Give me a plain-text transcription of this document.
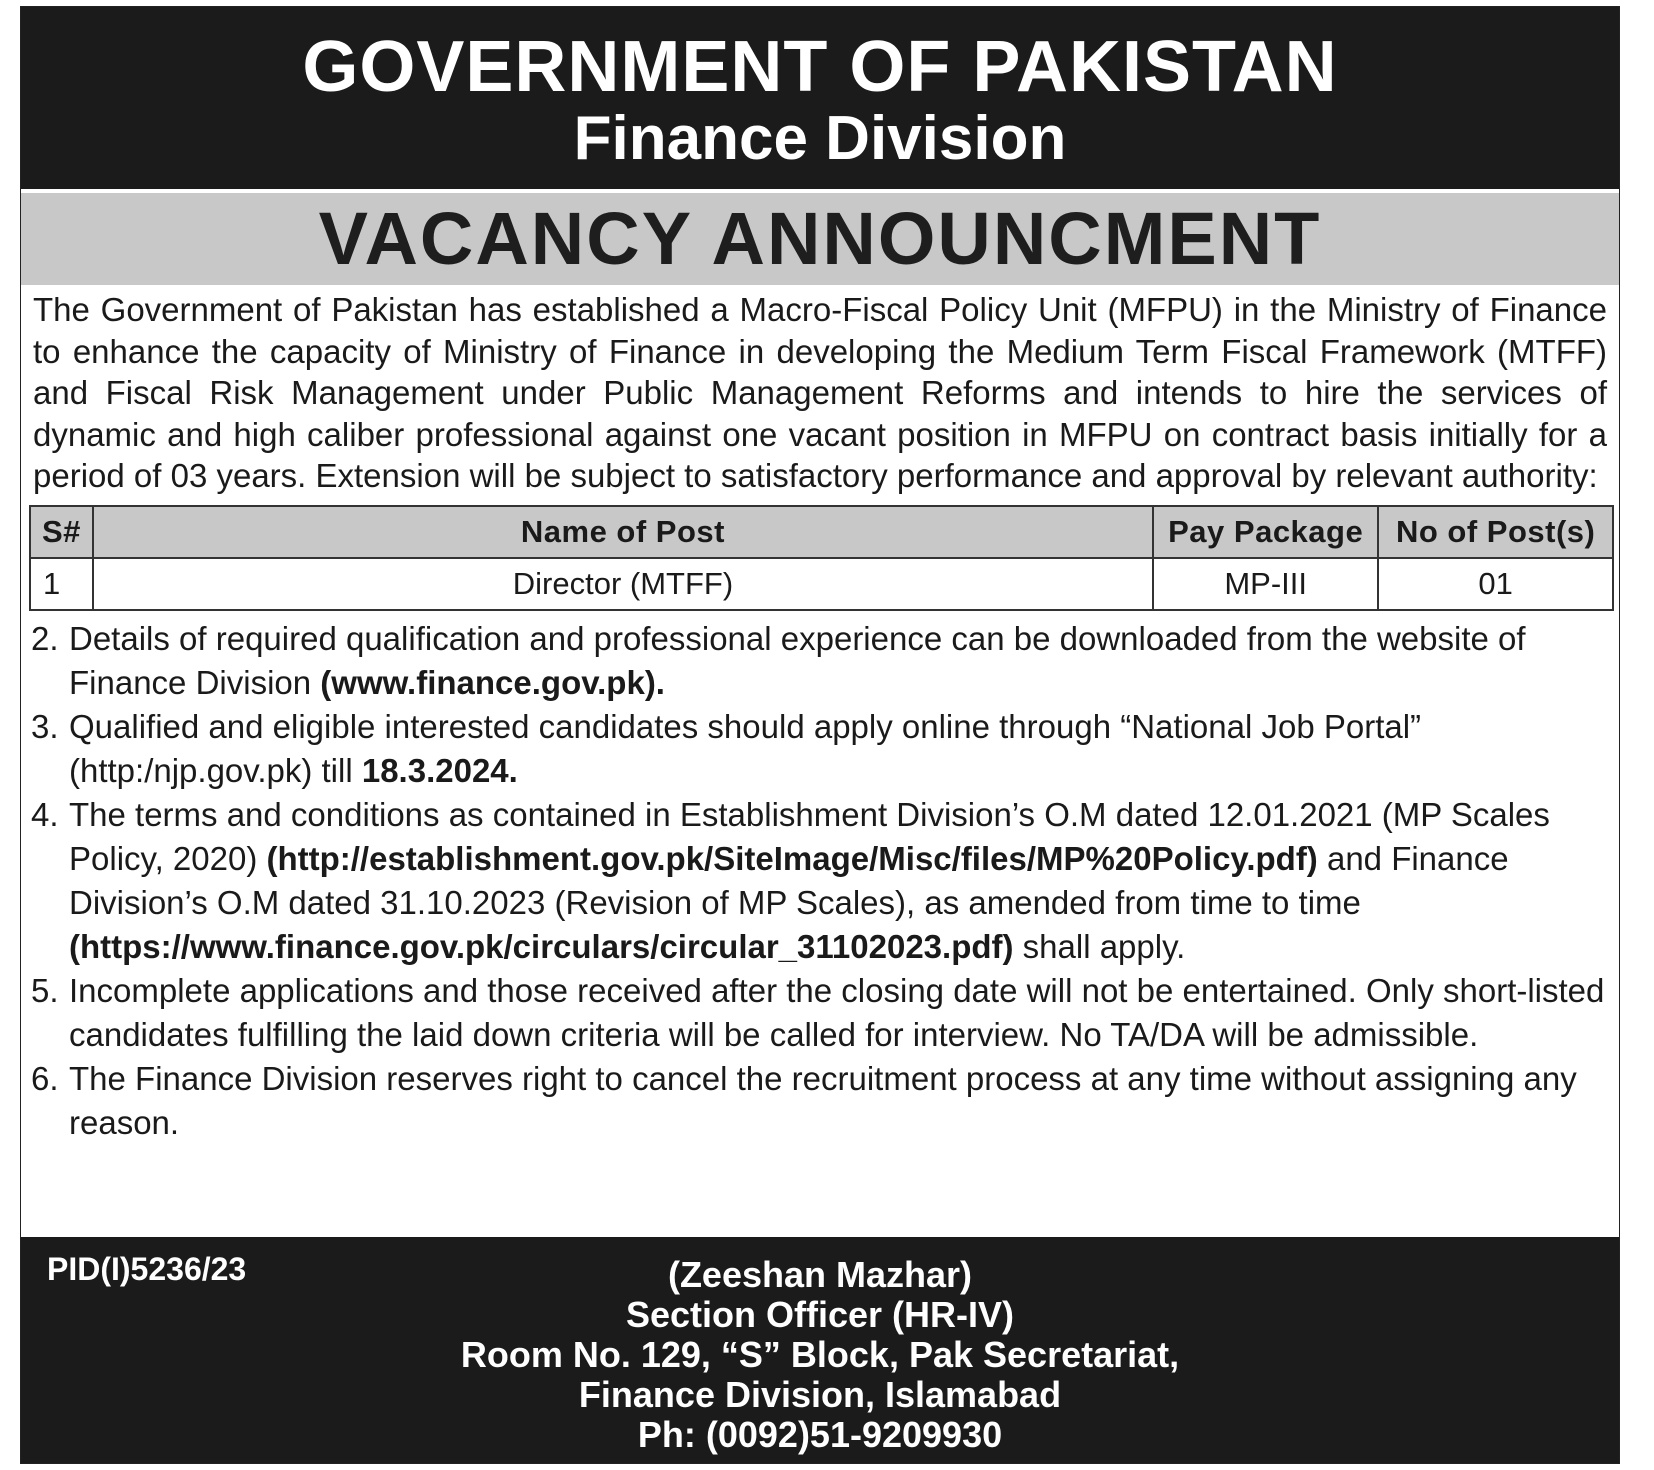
GOVERNMENT OF PAKISTAN
Finance Division
VACANCY ANNOUNCMENT
The Government of Pakistan has established a Macro-Fiscal Policy Unit (MFPU) in the Ministry of Finance to enhance the capacity of Ministry of Finance in developing the Medium Term Fiscal Framework (MTFF) and Fiscal Risk Management under Public Management Reforms and intends to hire the services of dynamic and high caliber professional against one vacant position in MFPU on contract basis initially for a period of 03 years. Extension will be subject to satisfactory performance and approval by relevant authority:
S#	Name of Post	Pay Package	No of Post(s)
1	Director (MTFF)	MP-III	01
2. Details of required qualification and professional experience can be downloaded from the website of Finance Division (www.finance.gov.pk).
3. Qualified and eligible interested candidates should apply online through “National Job Portal” (http:/njp.gov.pk) till 18.3.2024.
4. The terms and conditions as contained in Establishment Division’s O.M dated 12.01.2021 (MP Scales Policy, 2020) (http://establishment.gov.pk/SiteImage/Misc/files/MP%20Policy.pdf) and Finance Division’s O.M dated 31.10.2023 (Revision of MP Scales), as amended from time to time (https://www.finance.gov.pk/circulars/circular_31102023.pdf) shall apply.
5. Incomplete applications and those received after the closing date will not be entertained. Only short-listed candidates fulfilling the laid down criteria will be called for interview. No TA/DA will be admissible.
6. The Finance Division reserves right to cancel the recruitment process at any time without assigning any reason.
PID(I)5236/23	(Zeeshan Mazhar)
Section Officer (HR-IV)
Room No. 129, “S” Block, Pak Secretariat,
Finance Division, Islamabad
Ph: (0092)51-9209930
